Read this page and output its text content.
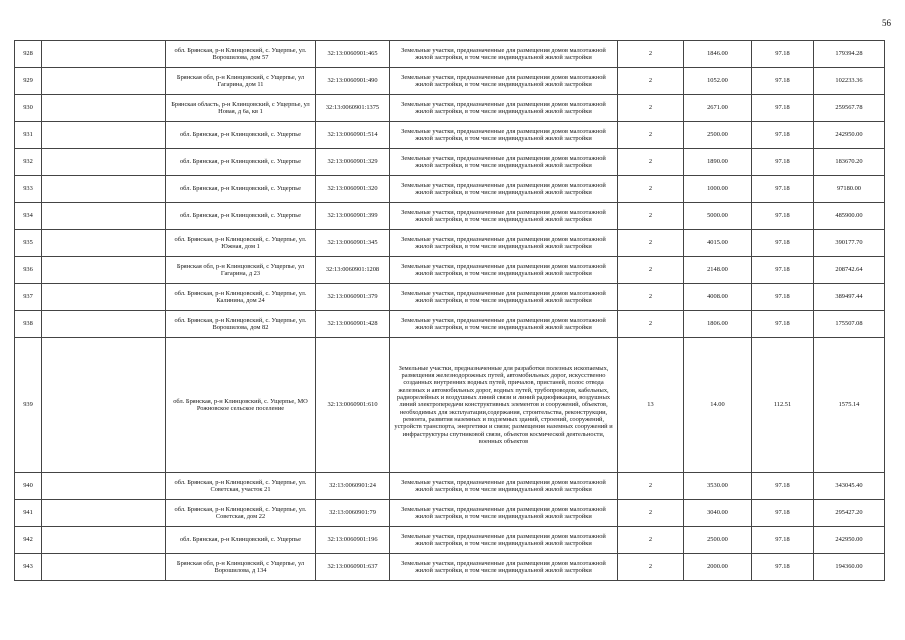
56
928		обл. Брянская, р-н Клинцовский, с. Ущерпье, ул. Ворошилова, дом 57	32:13:0060901:465	Земельные участки, предназначенные для размещения домов малоэтажной жилой застройки, в том числе индивидуальной жилой застройки	2	1846.00	97.18	179394.28
929		Брянская обл, р-н Клинцовский, с Ущерпье, ул Гагарина, дом 11	32:13:0060901:490	Земельные участки, предназначенные для размещения домов малоэтажной жилой застройки, в том числе индивидуальной жилой застройки	2	1052.00	97.18	102233.36
930		Брянская область, р-н Клинцовский, с Ущерпье, ул Новая, д 6а, кв 1	32:13:0060901:1375	Земельные участки, предназначенные для размещения домов малоэтажной жилой застройки, в том числе индивидуальной жилой застройки	2	2671.00	97.18	259567.78
931		обл. Брянская, р-н Клинцовский, с. Ущерпье	32:13:0060901:514	Земельные участки, предназначенные для размещения домов малоэтажной жилой застройки, в том числе индивидуальной жилой застройки	2	2500.00	97.18	242950.00
932		обл. Брянская, р-н Клинцовский, с. Ущерпье	32:13:0060901:329	Земельные участки, предназначенные для размещения домов малоэтажной жилой застройки, в том числе индивидуальной жилой застройки	2	1890.00	97.18	183670.20
933		обл. Брянская, р-н Клинцовский, с. Ущерпье	32:13:0060901:320	Земельные участки, предназначенные для размещения домов малоэтажной жилой застройки, в том числе индивидуальной жилой застройки	2	1000.00	97.18	97180.00
934		обл. Брянская, р-н Клинцовский, с. Ущерпье	32:13:0060901:399	Земельные участки, предназначенные для размещения домов малоэтажной жилой застройки, в том числе индивидуальной жилой застройки	2	5000.00	97.18	485900.00
935		обл. Брянская, р-н Клинцовский, с. Ущерпье, ул. Южная, дом 1	32:13:0060901:345	Земельные участки, предназначенные для размещения домов малоэтажной жилой застройки, в том числе индивидуальной жилой застройки	2	4015.00	97.18	390177.70
936		Брянская обл, р-н Клинцовский, с Ущерпье, ул Гагарина, д 23	32:13:0060901:1208	Земельные участки, предназначенные для размещения домов малоэтажной жилой застройки, в том числе индивидуальной жилой застройки	2	2148.00	97.18	208742.64
937		обл. Брянская, р-н Клинцовский, с. Ущерпье, ул. Калинина, дом 24	32:13:0060901:379	Земельные участки, предназначенные для размещения домов малоэтажной жилой застройки, в том числе индивидуальной жилой застройки	2	4008.00	97.18	389497.44
938		обл. Брянская, р-н Клинцовский, с. Ущерпье, ул. Ворошилова, дом 82	32:13:0060901:428	Земельные участки, предназначенные для размещения домов малоэтажной жилой застройки, в том числе индивидуальной жилой застройки	2	1806.00	97.18	175507.08
939		обл. Брянская, р-н Клинцовский, с. Ущерпье, МО Рожновское сельское поселение	32:13:0060901:610	Земельные участки, предназначенные для разработки полезных ископаемых, размещения железнодорожных путей, автомобильных дорог, искусственно созданных внутренних водных путей, причалов, пристаней, полос отвода железных и автомобильных дорог, водных путей, трубопроводов, кабельных, радиорелейных и воздушных линий связи и линий радиофикации, воздушных линий электропередачи конструктивных элементов и сооружений, объектов, необходимых для эксплуатации,содержания, строительства, реконструкции, ремонта, развития наземных и подземных зданий, строений, сооружений, устройств транспорта, энергетики и связи; размещения наземных сооружений и инфраструктуры спутниковой связи, объектов космической деятельности, военных объектов	13	14.00	112.51	1575.14
940		обл. Брянская, р-н Клинцовский, с. Ущерпье, ул. Советская, участок 21	32:13:0060901:24	Земельные участки, предназначенные для размещения домов малоэтажной жилой застройки, в том числе индивидуальной жилой застройки	2	3530.00	97.18	343045.40
941		обл. Брянская, р-н Клинцовский, с. Ущерпье, ул. Советская, дом 22	32:13:0060901:79	Земельные участки, предназначенные для размещения домов малоэтажной жилой застройки, в том числе индивидуальной жилой застройки	2	3040.00	97.18	295427.20
942		обл. Брянская, р-н Клинцовский, с. Ущерпье	32:13:0060901:196	Земельные участки, предназначенные для размещения домов малоэтажной жилой застройки, в том числе индивидуальной жилой застройки	2	2500.00	97.18	242950.00
943		Брянская обл, р-н Клинцовский, с Ущерпье, ул Ворошилова, д 134	32:13:0060901:637	Земельные участки, предназначенные для размещения домов малоэтажной жилой застройки, в том числе индивидуальной жилой застройки	2	2000.00	97.18	194360.00
